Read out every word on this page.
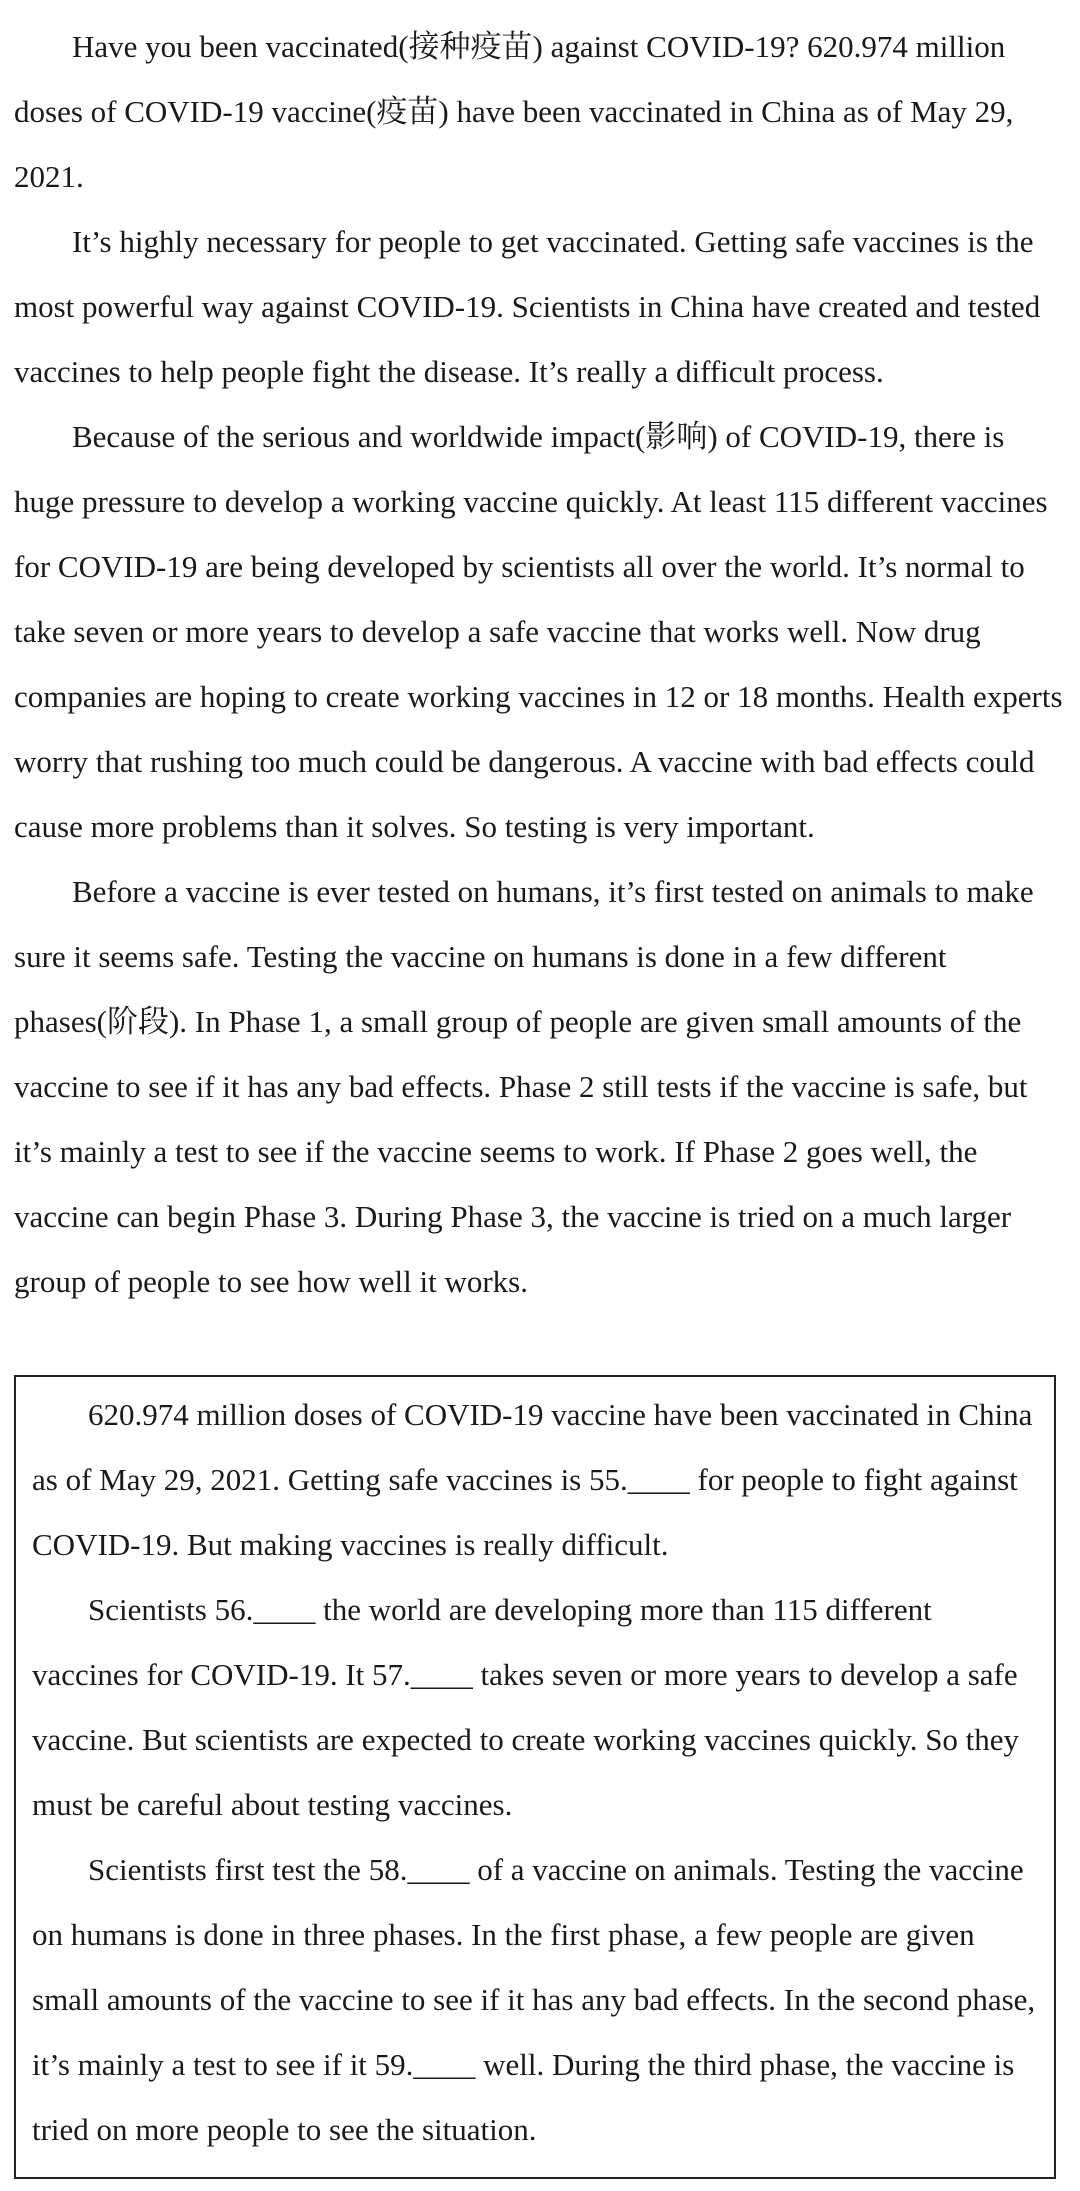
Have you been vaccinated(接种疫苗) against COVID-19? 620.974 million doses of COVID-19 vaccine(疫苗) have been vaccinated in China as of May 29, 2021.

It’s highly necessary for people to get vaccinated. Getting safe vaccines is the most powerful way against COVID-19. Scientists in China have created and tested vaccines to help people fight the disease. It’s really a difficult process.

Because of the serious and worldwide impact(影响) of COVID-19, there is huge pressure to develop a working vaccine quickly. At least 115 different vaccines for COVID-19 are being developed by scientists all over the world. It’s normal to take seven or more years to develop a safe vaccine that works well. Now drug companies are hoping to create working vaccines in 12 or 18 months. Health experts worry that rushing too much could be dangerous. A vaccine with bad effects could cause more problems than it solves. So testing is very important.

Before a vaccine is ever tested on humans, it’s first tested on animals to make sure it seems safe. Testing the vaccine on humans is done in a few different phases(阶段). In Phase 1, a small group of people are given small amounts of the vaccine to see if it has any bad effects. Phase 2 still tests if the vaccine is safe, but it’s mainly a test to see if the vaccine seems to work. If Phase 2 goes well, the vaccine can begin Phase 3. During Phase 3, the vaccine is tried on a much larger group of people to see how well it works.

620.974 million doses of COVID-19 vaccine have been vaccinated in China as of May 29, 2021. Getting safe vaccines is 55.____ for people to fight against COVID-19. But making vaccines is really difficult.

Scientists 56.____ the world are developing more than 115 different vaccines for COVID-19. It 57.____ takes seven or more years to develop a safe vaccine. But scientists are expected to create working vaccines quickly. So they must be careful about testing vaccines.

Scientists first test the 58.____ of a vaccine on animals. Testing the vaccine on humans is done in three phases. In the first phase, a few people are given small amounts of the vaccine to see if it has any bad effects. In the second phase, it’s mainly a test to see if it 59.____ well. During the third phase, the vaccine is tried on more people to see the situation.
